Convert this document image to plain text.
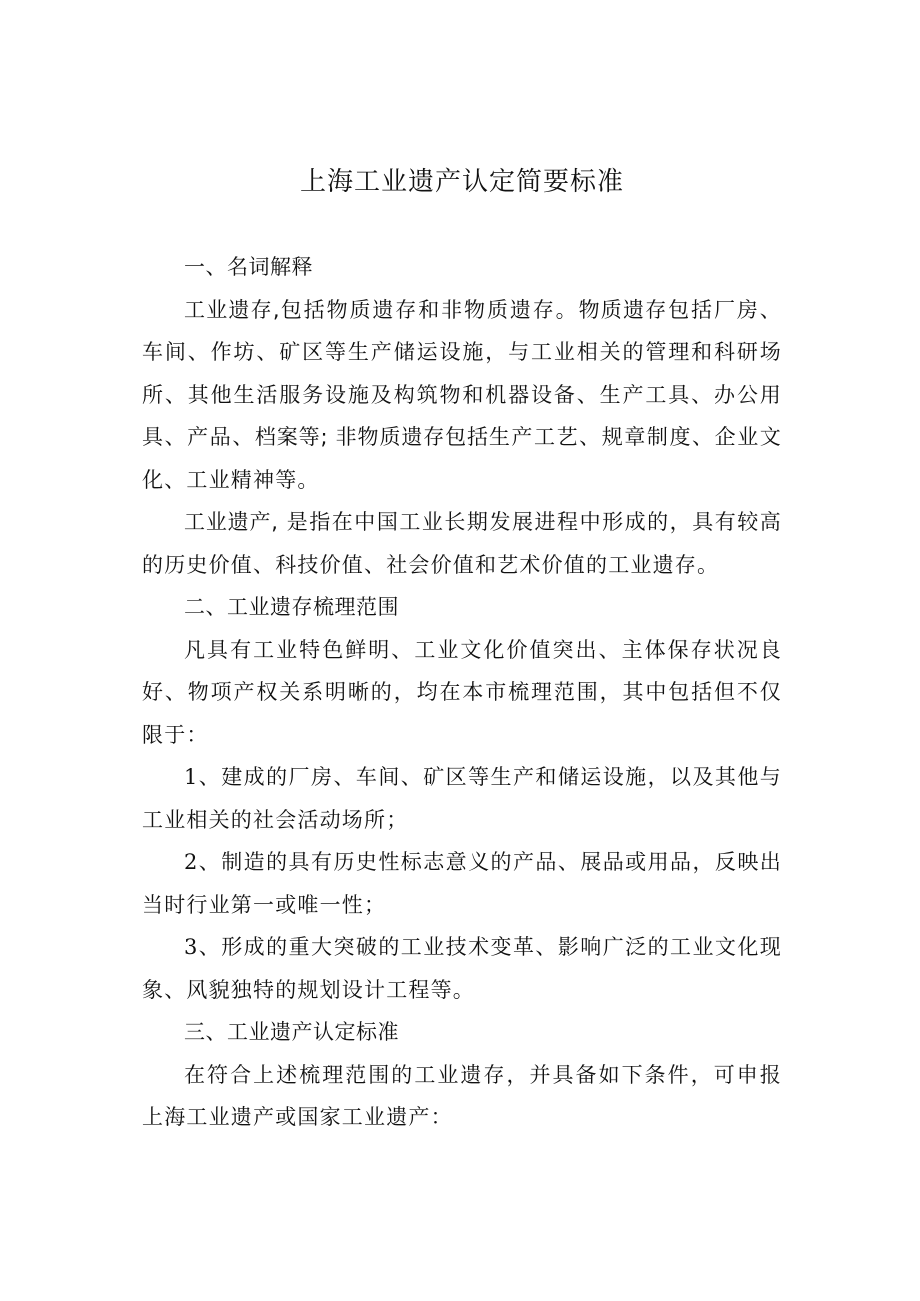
上海工业遗产认定简要标准

一、名词解释

工业遗存,包括物质遗存和非物质遗存。物质遗存包括厂房、车间、作坊、矿区等生产储运设施，与工业相关的管理和科研场所、其他生活服务设施及构筑物和机器设备、生产工具、办公用具、产品、档案等; 非物质遗存包括生产工艺、规章制度、企业文化、工业精神等。

工业遗产, 是指在中国工业长期发展进程中形成的，具有较高的历史价值、科技价值、社会价值和艺术价值的工业遗存。

二、工业遗存梳理范围

凡具有工业特色鲜明、工业文化价值突出、主体保存状况良好、物项产权关系明晰的，均在本市梳理范围，其中包括但不仅限于：

1、建成的厂房、车间、矿区等生产和储运设施，以及其他与工业相关的社会活动场所；

2、制造的具有历史性标志意义的产品、展品或用品，反映出当时行业第一或唯一性；

3、形成的重大突破的工业技术变革、影响广泛的工业文化现象、风貌独特的规划设计工程等。

三、工业遗产认定标准

在符合上述梳理范围的工业遗存，并具备如下条件，可申报上海工业遗产或国家工业遗产：
